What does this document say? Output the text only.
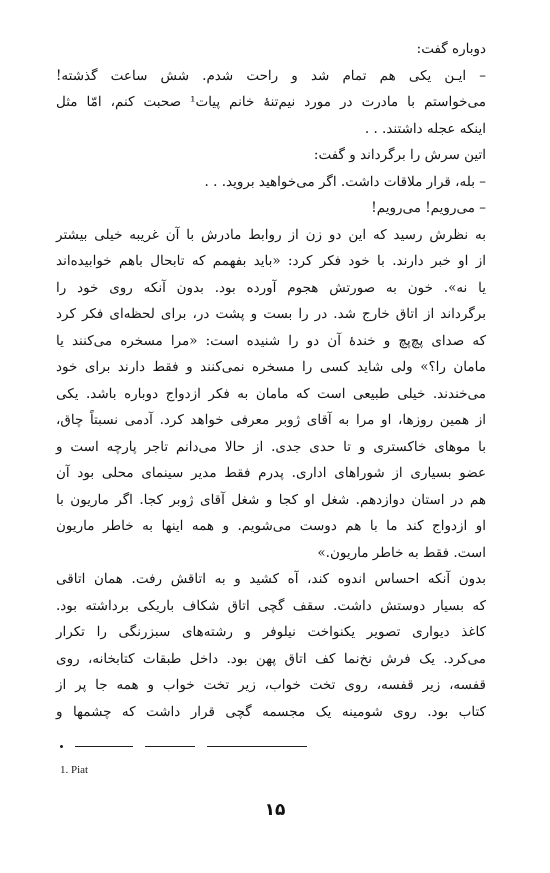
دوباره گفت:
– ایـن یکی هم تمام شد و راحت شدم. شش ساعت گذشته!
می‌خواستم با مادرت در مورد نیم‌تنهٔ خانم پیات¹ صحبت کنم، امّا مثل
اینکه عجله داشتند. . .
اتین سرش را برگرداند و گفت:
– بله، قرار ملاقات داشت. اگر می‌خواهید بروید. . .
– می‌رویم! می‌رویم!
به نظرش رسید که این دو زن از روابط مادرش با آن غریبه خیلی بیشتر
از او خبر دارند. با خود فکر کرد: «باید بفهمم که تابحال باهم خوابیده‌اند
یا نه». خون به صورتش هجوم آورده بود. بدون آنکه روی خود را
برگرداند از اتاق خارج شد. در را بست و پشت در، برای لحظه‌ای فکر کرد
که صدای پچ‌پچ و خندهٔ آن دو را شنیده است: «مرا مسخره می‌کنند یا
مامان را؟» ولی شاید کسی را مسخره نمی‌کنند و فقط دارند برای خود
می‌خندند. خیلی طبیعی است که مامان به فکر ازدواج دوباره باشد. یکی
از همین روزها، او مرا به آقای ژوبر معرفی خواهد کرد. آدمی نسبتاً چاق،
با موهای خاکستری و تا حدی جدی. از حالا می‌دانم تاجر پارچه است و
عضو بسیاری از شوراهای اداری. پدرم فقط مدیر سینمای محلی بود آن
هم در استان دوازدهم. شغل او کجا و شغل آقای ژوبر کجا. اگر ماریون با
او ازدواج کند ما با هم دوست می‌شویم. و همه اینها به خاطر ماریون
است. فقط به خاطر ماریون.»
بدون آنکه احساس اندوه کند، آه کشید و به اتاقش رفت. همان اتاقی
که بسیار دوستش داشت. سقف گچی اتاق شکاف باریکی برداشته بود.
کاغذ دیواری تصویر یکنواخت نیلوفر و رشته‌های سبزرنگی را تکرار
می‌کرد. یک فرش نخ‌نما کف اتاق پهن بود. داخل طبقات کتابخانه، روی
قفسه، زیر قفسه، روی تخت خواب، زیر تخت خواب و همه جا پر از
کتاب بود. روی شومینه یک مجسمه گچی قرار داشت که چشمها و
1. Piat
۱۵
